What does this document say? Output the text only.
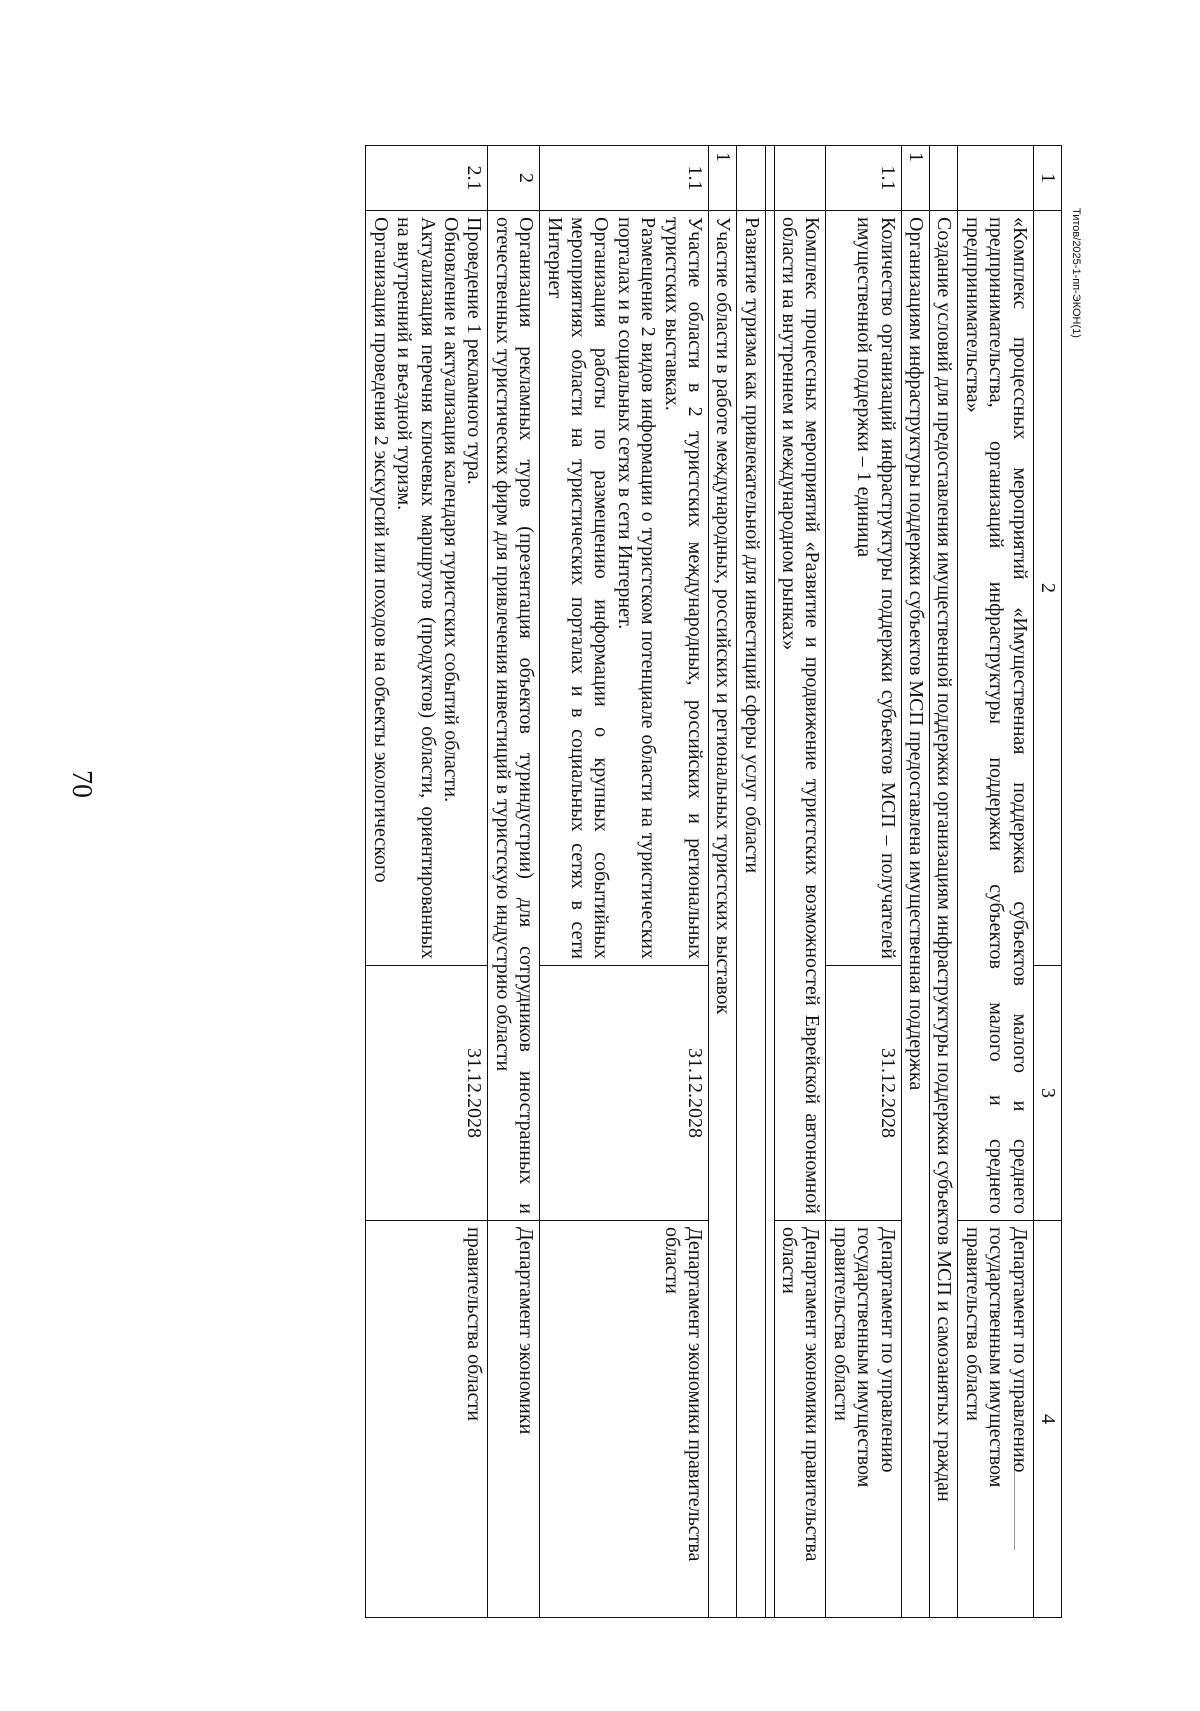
70
Титов/2025-1-пп-ЭКОН(1)
1	2	3	4
	«Комплекс процессных мероприятий «Имущественная поддержка субъектов малого и среднего предпринимательства, организаций инфраструктуры поддержки субъектов малого и среднего предпринимательства»		Департамент по управлению государственным имуществом правительства области
	Создание условий для предоставления имущественной поддержки организациям инфраструктуры поддержки субъектов МСП и самозанятых граждан		
1	Организациям инфраструктуры поддержки субъектов МСП предоставлена имущественная поддержка		
1.1	Количество организаций инфраструктуры поддержки субъектов МСП – получателей имущественной поддержки – 1 единица	31.12.2028	Департамент по управлению государственным имуществом правительства области
	Комплекс процессных мероприятий «Развитие и продвижение туристских возможностей Еврейской автономной области на внутреннем и международном рынках»		Департамент экономики правительства области

	Развитие туризма как привлекательной для инвестиций сферы услуг области		
1	Участие области в работе международных, российских и региональных туристских выставок		
1.1	Участие области в 2 туристских международных, российских и региональных туристских выставках.

Размещение 2 видов информации о туристском потенциале области на туристических порталах и в социальных сетях в сети Интернет.

Организация работы по размещению информации о крупных событийных мероприятиях области на туристических порталах и в социальных сетях в сети Интернет	31.12.2028	Департамент экономики правительства области
2	Организация рекламных туров (презентация объектов туриндустрии) для сотрудников иностранных и отечественных туристических фирм для привлечения инвестиций в туристскую индустрию области		Департамент экономики
2.1	Проведение 1 рекламного тура.

Обновление и актуализация календаря туристских событий области.

Актуализация перечня ключевых маршрутов (продуктов) области, ориентированных на внутренний и въездной туризм.

Организация проведения 2 экскурсий или походов на объекты экологического	31.12.2028	правительства области
